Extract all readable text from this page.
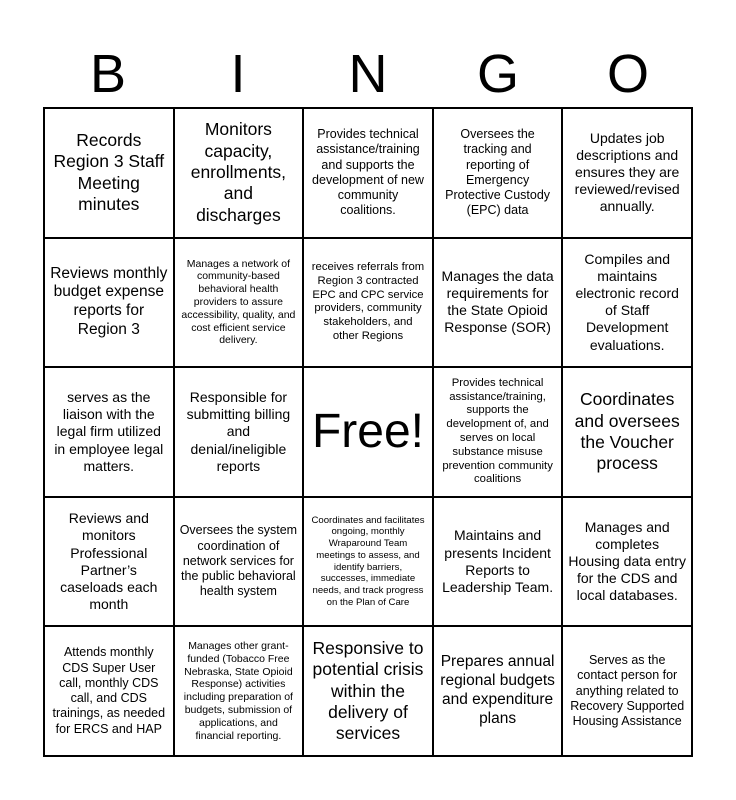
B	I	N	G	O
Records Region 3 Staff Meeting minutes
Monitors capacity, enrollments, and discharges
Provides technical assistance/training and supports the development of new community coalitions.
Oversees the tracking and reporting of Emergency Protective Custody (EPC) data
Updates job descriptions and ensures they are reviewed/revised annually.
Reviews monthly budget expense reports for Region 3
Manages a network of community-based behavioral health providers to assure accessibility, quality, and cost efficient service delivery.
receives referrals from Region 3 contracted EPC and CPC service providers, community stakeholders, and other Regions
Manages the data requirements for the State Opioid Response (SOR)
Compiles and maintains electronic record of Staff Development evaluations.
serves as the liaison with the legal firm utilized in employee legal matters.
Responsible for submitting billing and denial/ineligible reports
Free!
Provides technical assistance/training, supports the development of, and serves on local substance misuse prevention community coalitions
Coordinates and oversees the Voucher process
Reviews and monitors Professional Partner’s caseloads each month
Oversees the system coordination of network services for the public behavioral health system
Coordinates and facilitates ongoing, monthly Wraparound Team meetings to assess, and identify barriers, successes, immediate needs, and track progress on the Plan of Care
Maintains and presents Incident Reports to Leadership Team.
Manages and completes Housing data entry for the CDS and local databases.
Attends monthly CDS Super User call, monthly CDS call, and CDS trainings, as needed for ERCS and HAP
Manages other grant-funded (Tobacco Free Nebraska, State Opioid Response) activities including preparation of budgets, submission of applications, and financial reporting.
Responsive to potential crisis within the delivery of services
Prepares annual regional budgets and expenditure plans
Serves as the contact person for anything related to Recovery Supported Housing Assistance
